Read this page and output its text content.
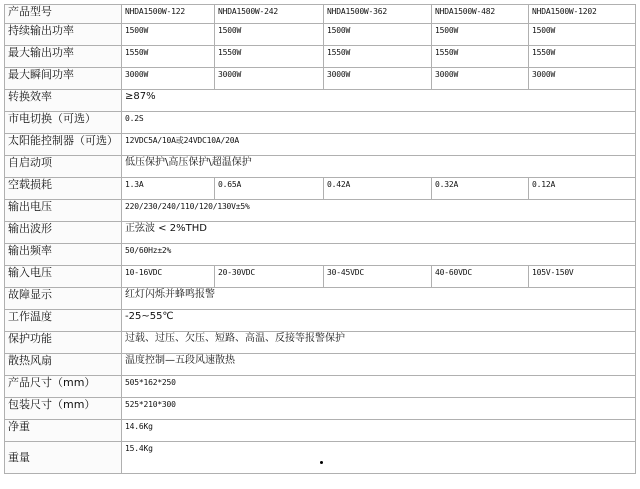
产品型号	NHDA1500W-122	NHDA1500W-242	NHDA1500W-362	NHDA1500W-482	NHDA1500W-1202
持续输出功率	1500W	1500W	1500W	1500W	1500W
最大输出功率	1550W	1550W	1550W	1550W	1550W
最大瞬间功率	3000W	3000W	3000W	3000W	3000W
转换效率	≥87%				
市电切换（可选）	0.2S				
太阳能控制器（可选）	12VDC5A/10A或24VDC10A/20A				
自启动项	低压保护\高压保护\超温保护				
空载损耗	1.3A	0.65A	0.42A	0.32A	0.12A
输出电压	220/230/240/110/120/130V±5%				
输出波形	正弦波 < 2%THD				
输出频率	50/60Hz±2%				
输入电压	10-16VDC	20-30VDC	30-45VDC	40-60VDC	105V-150V
故障显示	红灯闪烁并蜂鸣报警				
工作温度	-25~55℃				
保护功能	过载、过压、欠压、短路、高温、反接等报警保护				
散热风扇	温度控制—五段风速散热				
产品尺寸（mm）	505*162*250				
包装尺寸（mm）	525*210*300				
净重	14.6Kg				
重量	15.4Kg				
